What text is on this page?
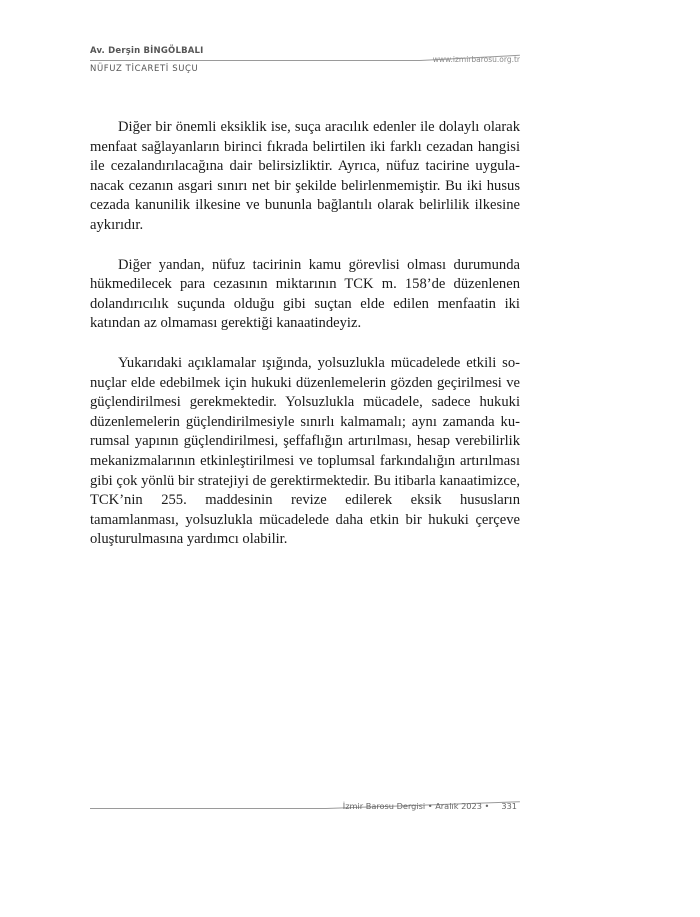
Av. Derşin BİNGÖLBALI
NÜFUZ TİCARETİ SUÇU
www.izmirbarosu.org.tr

Diğer bir önemli eksiklik ise, suça aracılık edenler ile dolaylı olarak menfaat sağlayanların birinci fıkrada belirtilen iki farklı cezadan hangisi ile cezalandırılacağına dair belirsizliktir. Ayrıca, nüfuz tacirine uygulanacak cezanın asgari sınırı net bir şekilde belirlenmemiştir. Bu iki husus cezada kanunilik ilkesine ve bununla bağlantılı olarak belirlilik ilkesine aykırıdır.

Diğer yandan, nüfuz tacirinin kamu görevlisi olması durumunda hükmedilecek para cezasının miktarının TCK m. 158’de düzenlenen dolandırıcılık suçunda olduğu gibi suçtan elde edilen menfaatin iki katından az olmaması gerektiği kanaatindeyiz.

Yukarıdaki açıklamalar ışığında, yolsuzlukla mücadelede etkili sonuçlar elde edebilmek için hukuki düzenlemelerin gözden geçirilmesi ve güçlendirilmesi gerekmektedir. Yolsuzlukla mücadele, sadece hukuki düzenlemelerin güçlendirilmesiyle sınırlı kalmamalı; aynı zamanda kurumsal yapının güçlendirilmesi, şeffaflığın artırılması, hesap verebilirlik mekanizmalarının etkinleştirilmesi ve toplumsal farkındalığın artırılması gibi çok yönlü bir stratejiyi de gerektirmektedir. Bu itibarla kanaatimizce, TCK’nin 255. maddesinin revize edilerek eksik hususların tamamlanması, yolsuzlukla mücadelede daha etkin bir hukuki çerçeve oluşturulmasına yardımcı olabilir.

İzmir Barosu Dergisi • Aralık 2023 • 331
